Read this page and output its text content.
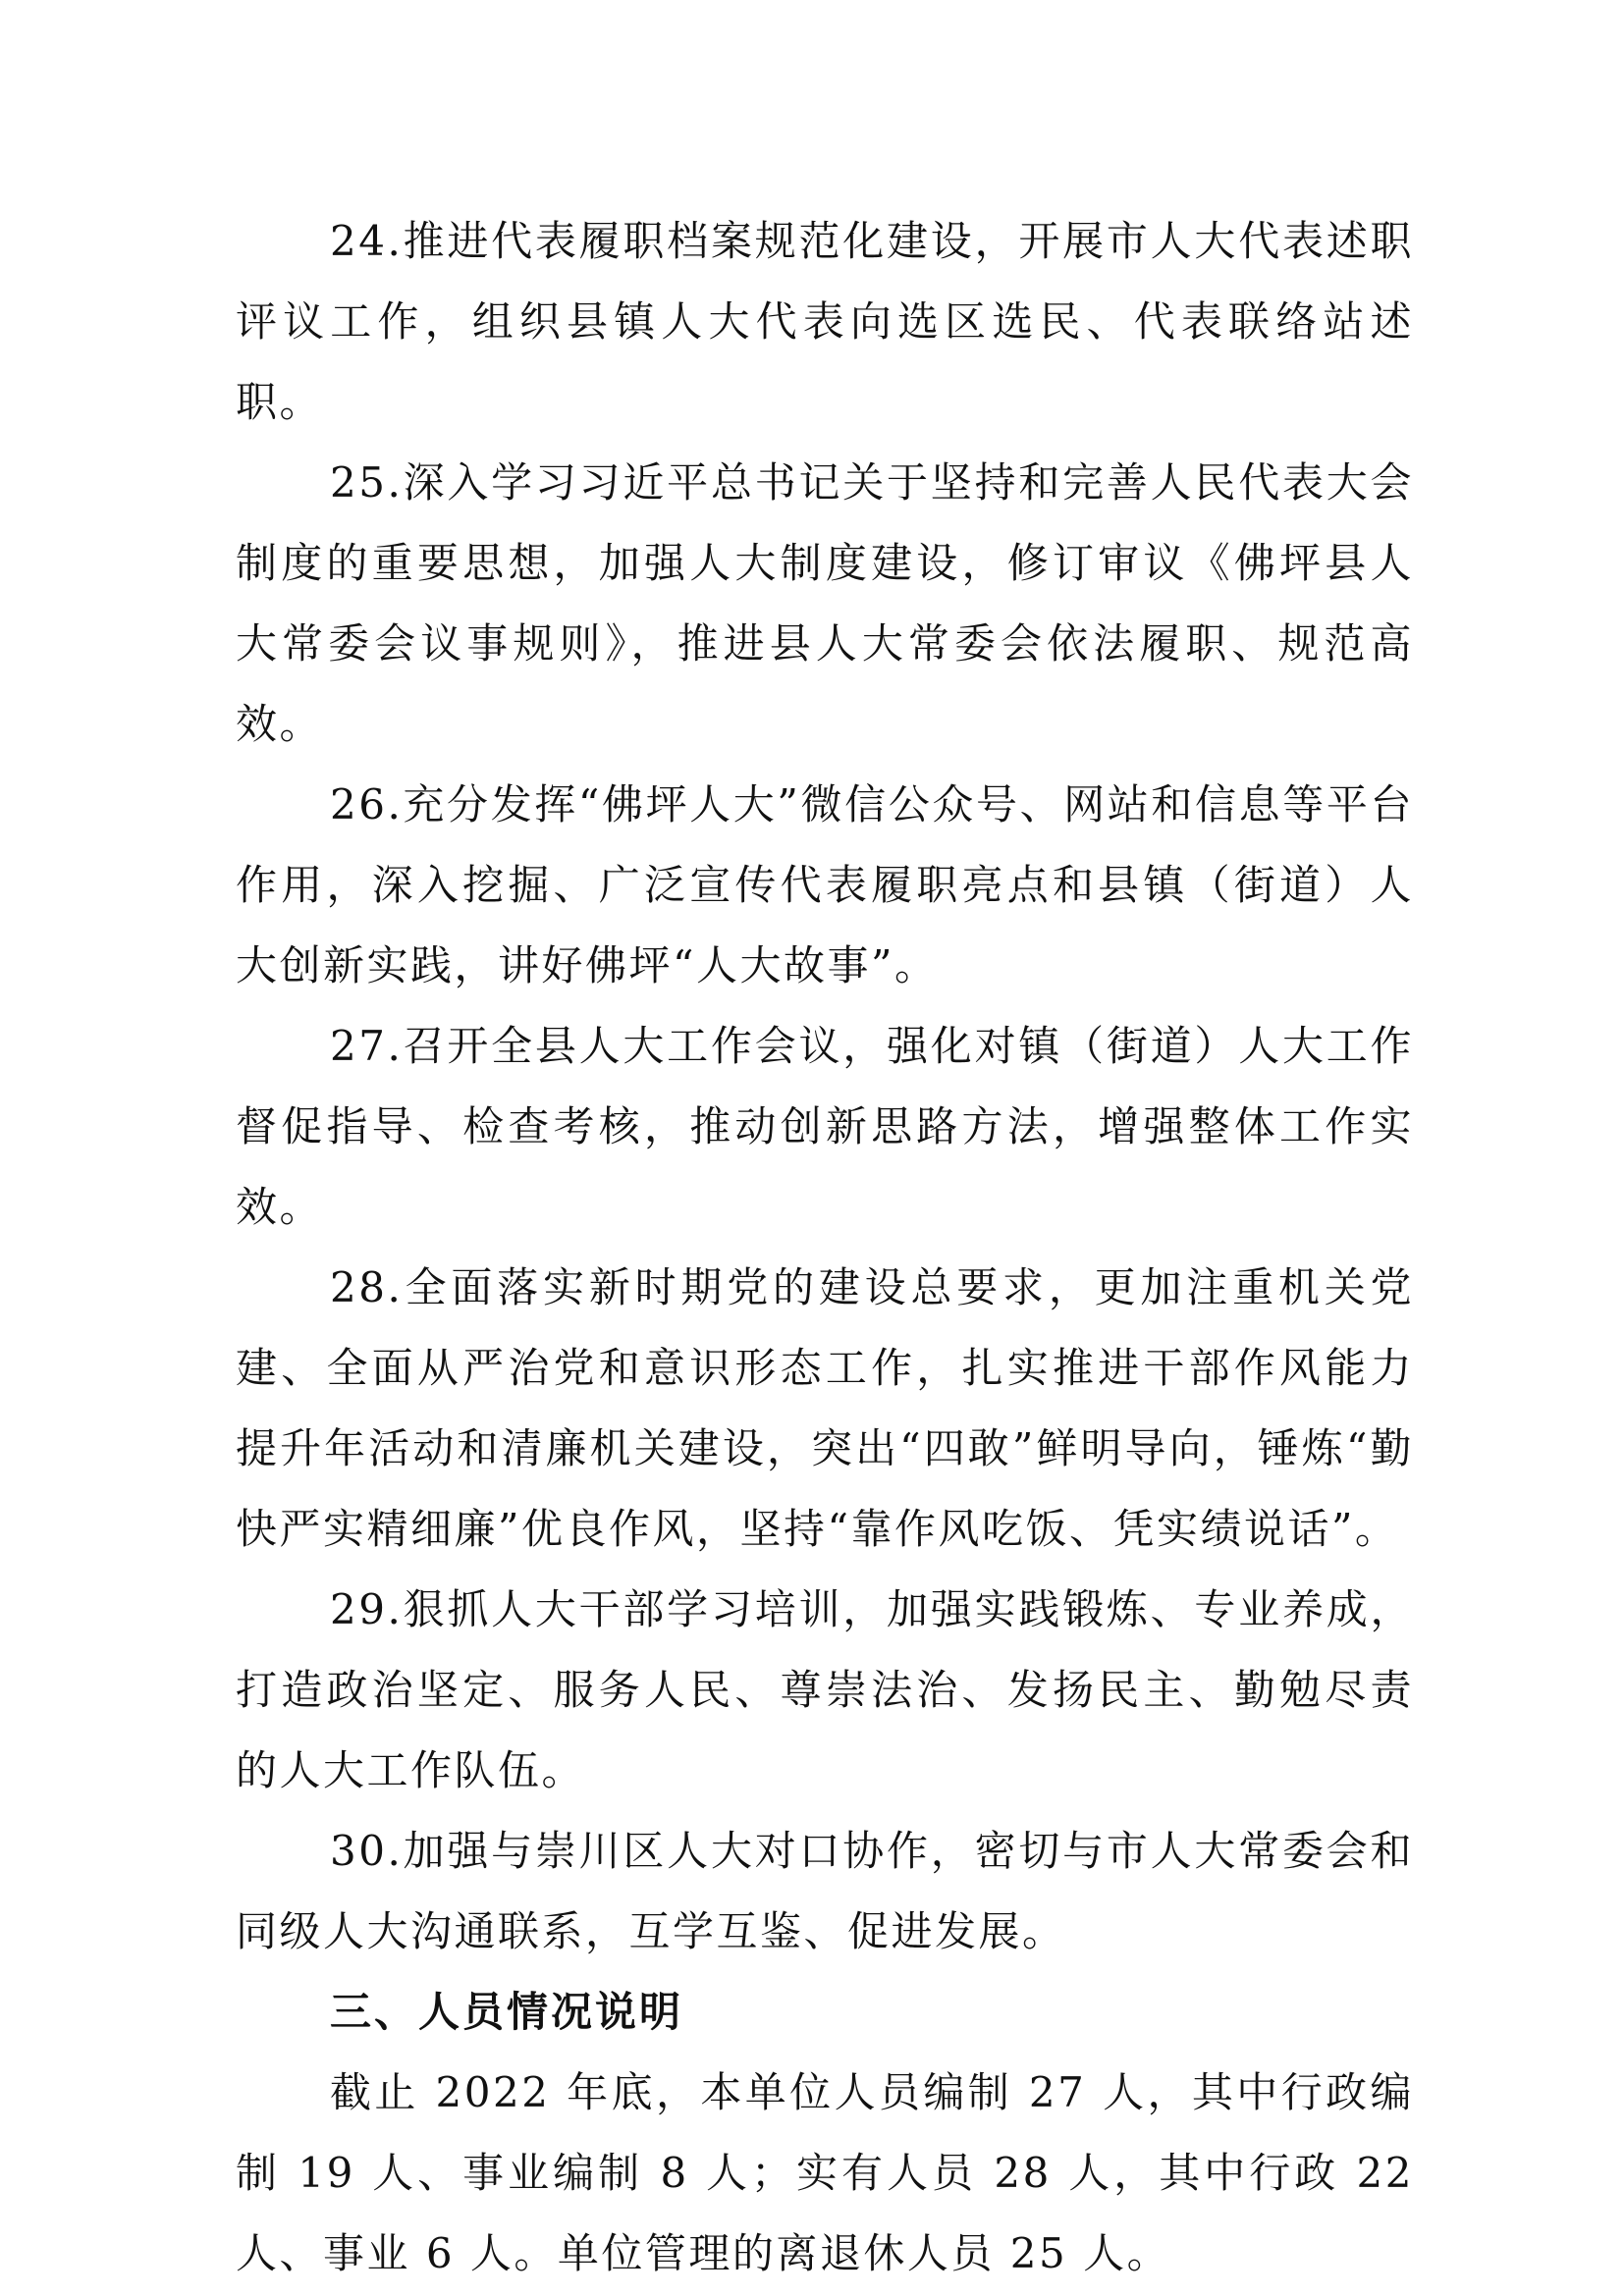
24.推进代表履职档案规范化建设，开展市人大代表述职评议工作，组织县镇人大代表向选区选民、代表联络站述职。

25.深入学习习近平总书记关于坚持和完善人民代表大会制度的重要思想，加强人大制度建设，修订审议《佛坪县人大常委会议事规则》，推进县人大常委会依法履职、规范高效。

26.充分发挥“佛坪人大”微信公众号、网站和信息等平台作用，深入挖掘、广泛宣传代表履职亮点和县镇（街道）人大创新实践，讲好佛坪“人大故事”。

27.召开全县人大工作会议，强化对镇（街道）人大工作督促指导、检查考核，推动创新思路方法，增强整体工作实效。

28.全面落实新时期党的建设总要求，更加注重机关党建、全面从严治党和意识形态工作，扎实推进干部作风能力提升年活动和清廉机关建设，突出“四敢”鲜明导向，锤炼“勤快严实精细廉”优良作风，坚持“靠作风吃饭、凭实绩说话”。

29.狠抓人大干部学习培训，加强实践锻炼、专业养成，打造政治坚定、服务人民、尊崇法治、发扬民主、勤勉尽责的人大工作队伍。

30.加强与崇川区人大对口协作，密切与市人大常委会和同级人大沟通联系，互学互鉴、促进发展。

三、人员情况说明

截止 2022 年底，本单位人员编制 27 人，其中行政编制 19 人、事业编制 8 人；实有人员 28 人，其中行政 22 人、事业 6 人。单位管理的离退休人员 25 人。
